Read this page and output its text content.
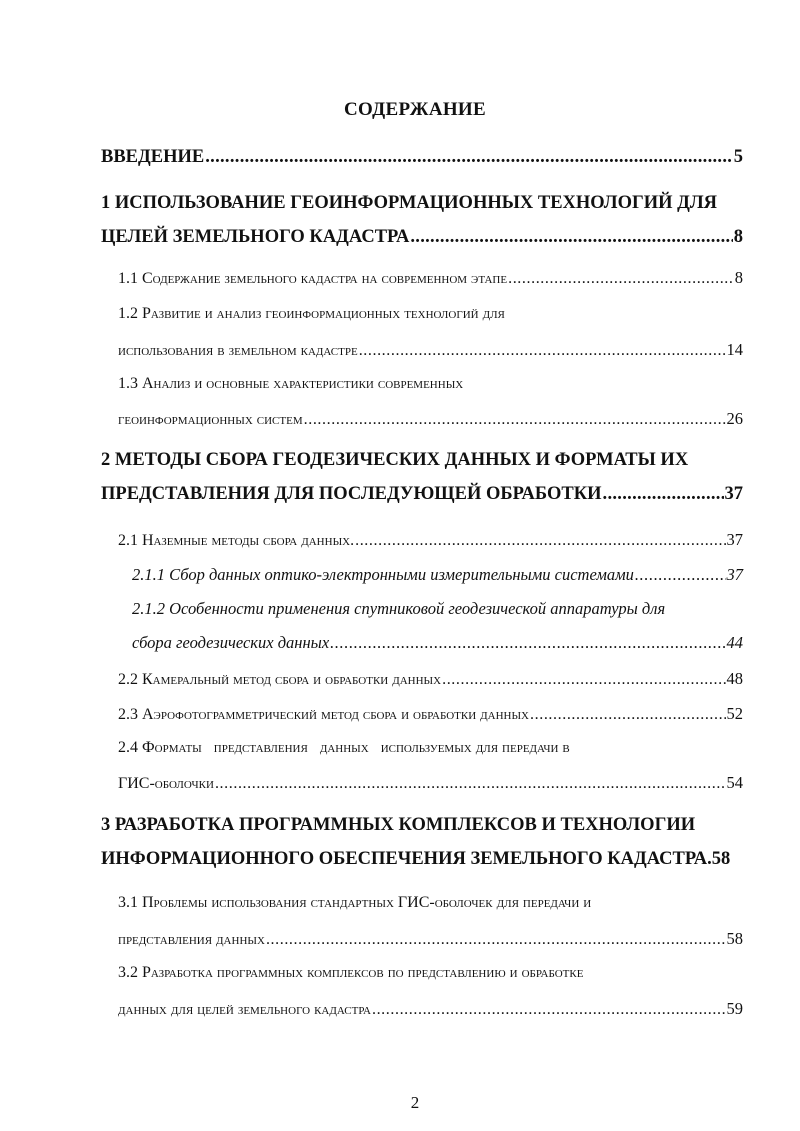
СОДЕРЖАНИЕ
ВВЕДЕНИЕ .....	5
1 ИСПОЛЬЗОВАНИЕ ГЕОИНФОРМАЦИОННЫХ ТЕХНОЛОГИЙ ДЛЯ
ЦЕЛЕЙ ЗЕМЕЛЬНОГО КАДАСТРА .....	8
1.1 Содержание земельного кадастра на современном этапе .....	8
1.2 Развитие и анализ геоинформационных технологий для
использования в земельном кадастре .....	14
1.3 Анализ и основные характеристики современных
геоинформационных систем .....	26
2 МЕТОДЫ СБОРА ГЕОДЕЗИЧЕСКИХ ДАННЫХ И ФОРМАТЫ ИХ
ПРЕДСТАВЛЕНИЯ ДЛЯ ПОСЛЕДУЮЩЕЙ ОБРАБОТКИ .....	37
2.1 Наземные методы сбора данных. .....	37
2.1.1 Сбор данных оптико-электронными измерительными системами .....	37
2.1.2 Особенности применения спутниковой геодезической аппаратуры для
сбора геодезических данных .....	44
2.2 Камеральный метод сбора и обработки данных .....	48
2.3 Аэрофотограмметрический метод сбора и обработки данных .....	52
2.4 Форматы   представления   данных   используемых для передачи в
ГИС-оболочки .....	54
3 РАЗРАБОТКА ПРОГРАММНЫХ КОМПЛЕКСОВ И ТЕХНОЛОГИИ
ИНФОРМАЦИОННОГО ОБЕСПЕЧЕНИЯ ЗЕМЕЛЬНОГО КАДАСТРА. 58
3.1 Проблемы использования стандартных ГИС-оболочек для передачи и
представления данных .....	58
3.2 Разработка программных комплексов по представлению и обработке
данных для целей земельного кадастра .....	59
2
